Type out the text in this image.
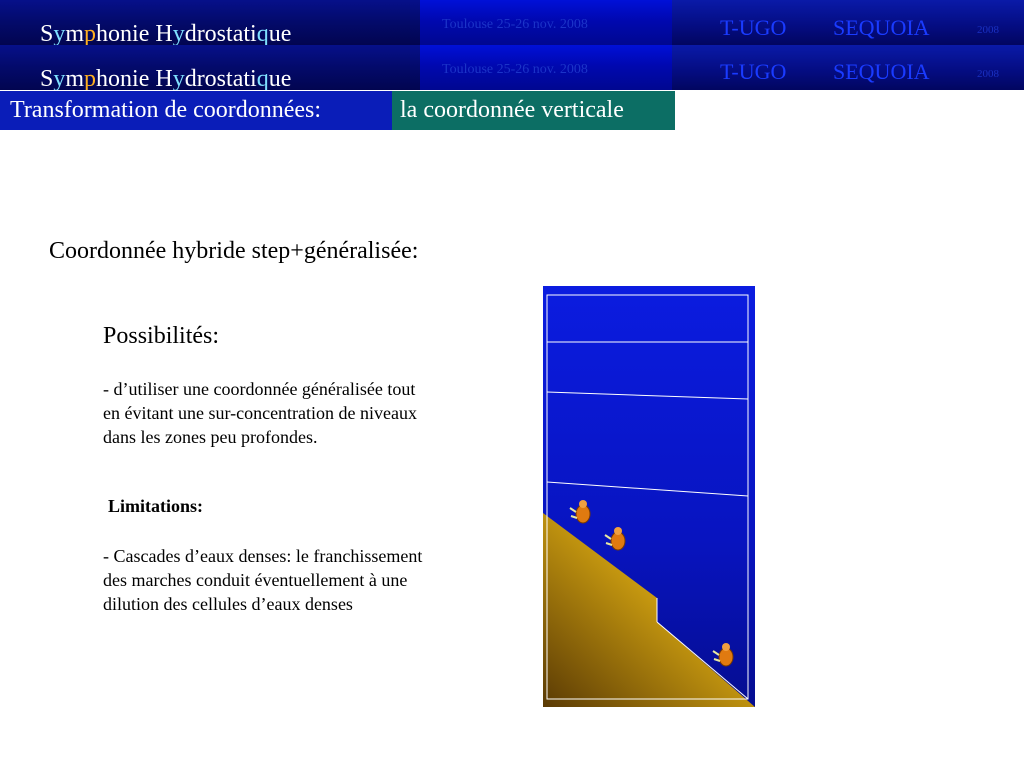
Symphonie Hydrostatique	Toulouse 25-26 nov. 2008	T-UGO SEQUOIA	2008
Symphonie Hydrostatique	Toulouse 25-26 nov. 2008	T-UGO SEQUOIA	2008
Transformation de coordonnées:	la coordonnée verticale
Coordonnée hybride step+généralisée:
Possibilités:
- d’utiliser une coordonnée généralisée tout en évitant une sur-concentration de niveaux dans les zones peu profondes.
Limitations:
- Cascades d’eaux denses: le franchissement des marches conduit éventuellement à une dilution des cellules d’eaux denses
